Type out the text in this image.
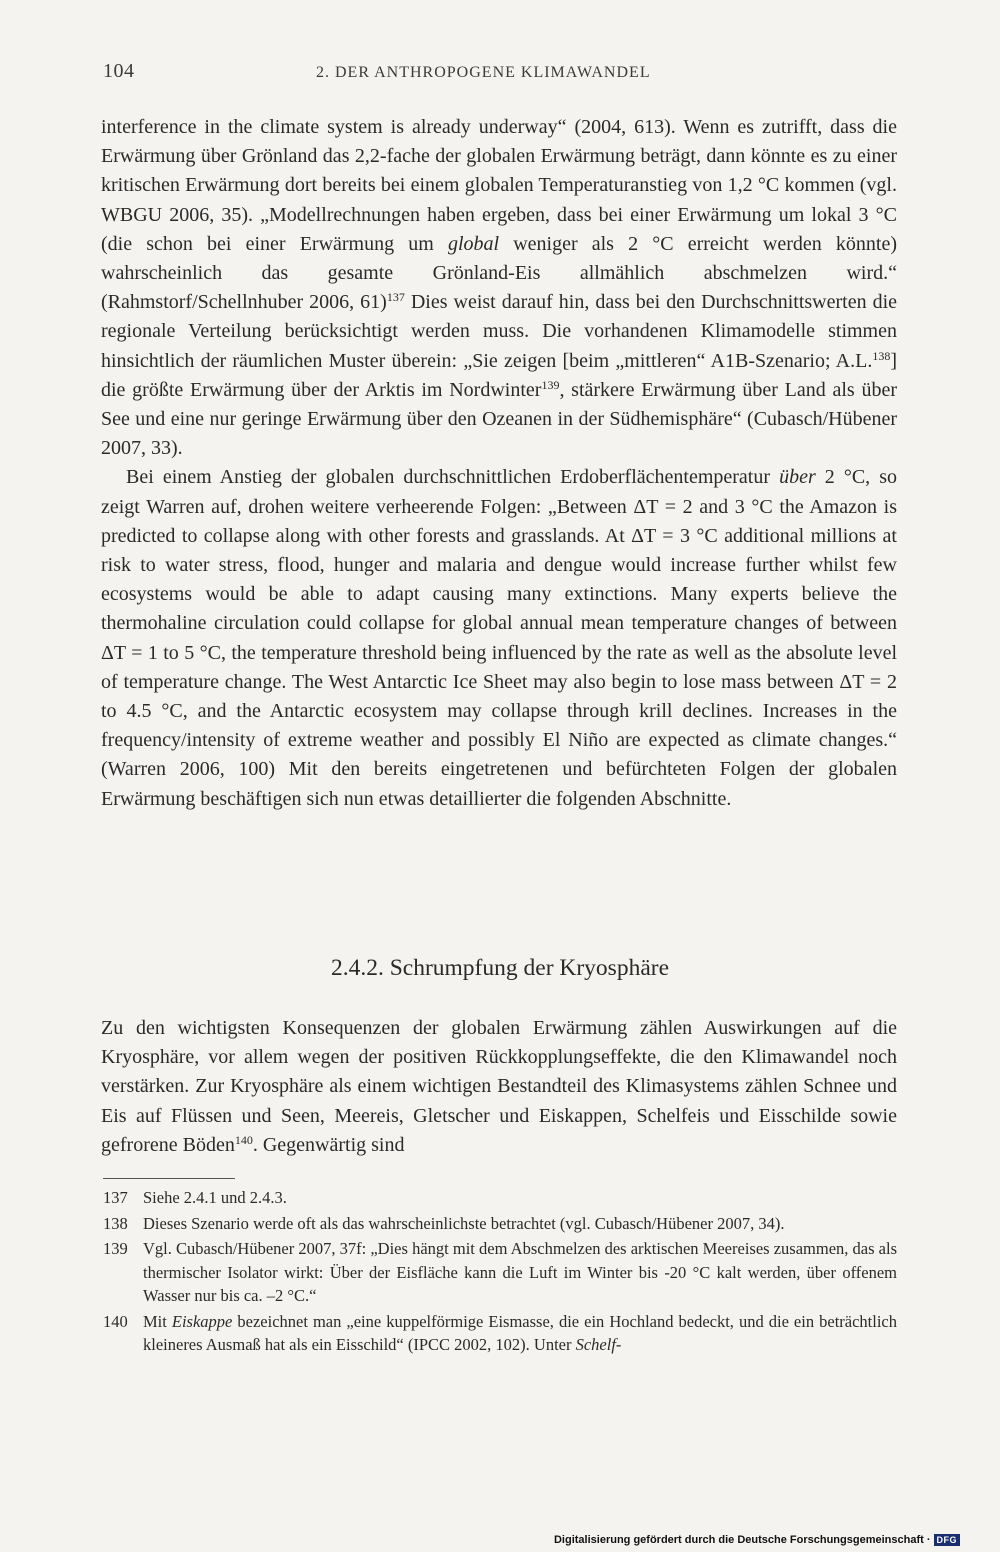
104	2. DER ANTHROPOGENE KLIMAWANDEL

interference in the climate system is already underway“ (2004, 613). Wenn es zutrifft, dass die Erwärmung über Grönland das 2,2-fache der globalen Erwärmung beträgt, dann könnte es zu einer kritischen Erwärmung dort bereits bei einem globalen Temperaturanstieg von 1,2 °C kommen (vgl. WBGU 2006, 35). „Modellrechnungen haben ergeben, dass bei einer Erwärmung um lokal 3 °C (die schon bei einer Erwärmung um global weniger als 2 °C erreicht werden könnte) wahrscheinlich das gesamte Grönland-Eis allmählich abschmelzen wird.“ (Rahmstorf/Schellnhuber 2006, 61)$^{137}$ Dies weist darauf hin, dass bei den Durchschnittswerten die regionale Verteilung berücksichtigt werden muss. Die vorhandenen Klimamodelle stimmen hinsichtlich der räumlichen Muster überein: „Sie zeigen [beim „mittleren“ A1B-Szenario; A.L.$^{138}$] die größte Erwärmung über der Arktis im Nordwinter$^{139}$, stärkere Erwärmung über Land als über See und eine nur geringe Erwärmung über den Ozeanen in der Südhemisphäre“ (Cubasch/Hübener 2007, 33).

Bei einem Anstieg der globalen durchschnittlichen Erdoberflächentemperatur über 2 °C, so zeigt Warren auf, drohen weitere verheerende Folgen: „Between ΔT = 2 and 3 °C the Amazon is predicted to collapse along with other forests and grasslands. At ΔT = 3 °C additional millions at risk to water stress, flood, hunger and malaria and dengue would increase further whilst few ecosystems would be able to adapt causing many extinctions. Many experts believe the thermohaline circulation could collapse for global annual mean temperature changes of between ΔT = 1 to 5 °C, the temperature threshold being influenced by the rate as well as the absolute level of temperature change. The West Antarctic Ice Sheet may also begin to lose mass between ΔT = 2 to 4.5 °C, and the Antarctic ecosystem may collapse through krill declines. Increases in the frequency/intensity of extreme weather and possibly El Niño are expected as climate changes.“ (Warren 2006, 100) Mit den bereits eingetretenen und befürchteten Folgen der globalen Erwärmung beschäftigen sich nun etwas detaillierter die folgenden Abschnitte.

2.4.2. Schrumpfung der Kryosphäre

Zu den wichtigsten Konsequenzen der globalen Erwärmung zählen Auswirkungen auf die Kryosphäre, vor allem wegen der positiven Rückkopplungseffekte, die den Klimawandel noch verstärken. Zur Kryosphäre als einem wichtigen Bestandteil des Klimasystems zählen Schnee und Eis auf Flüssen und Seen, Meereis, Gletscher und Eiskappen, Schelfeis und Eisschilde sowie gefrorene Böden$^{140}$. Gegenwärtig sind

137 Siehe 2.4.1 und 2.4.3.
138 Dieses Szenario werde oft als das wahrscheinlichste betrachtet (vgl. Cubasch/Hübener 2007, 34).
139 Vgl. Cubasch/Hübener 2007, 37f: „Dies hängt mit dem Abschmelzen des arktischen Meereises zusammen, das als thermischer Isolator wirkt: Über der Eisfläche kann die Luft im Winter bis -20 °C kalt werden, über offenem Wasser nur bis ca. –2 °C.“
140 Mit Eiskappe bezeichnet man „eine kuppelförmige Eismasse, die ein Hochland bedeckt, und die ein beträchtlich kleineres Ausmaß hat als ein Eisschild“ (IPCC 2002, 102). Unter Schelf-
Digitalisierung gefördert durch die Deutsche Forschungsgemeinschaft · DFG
